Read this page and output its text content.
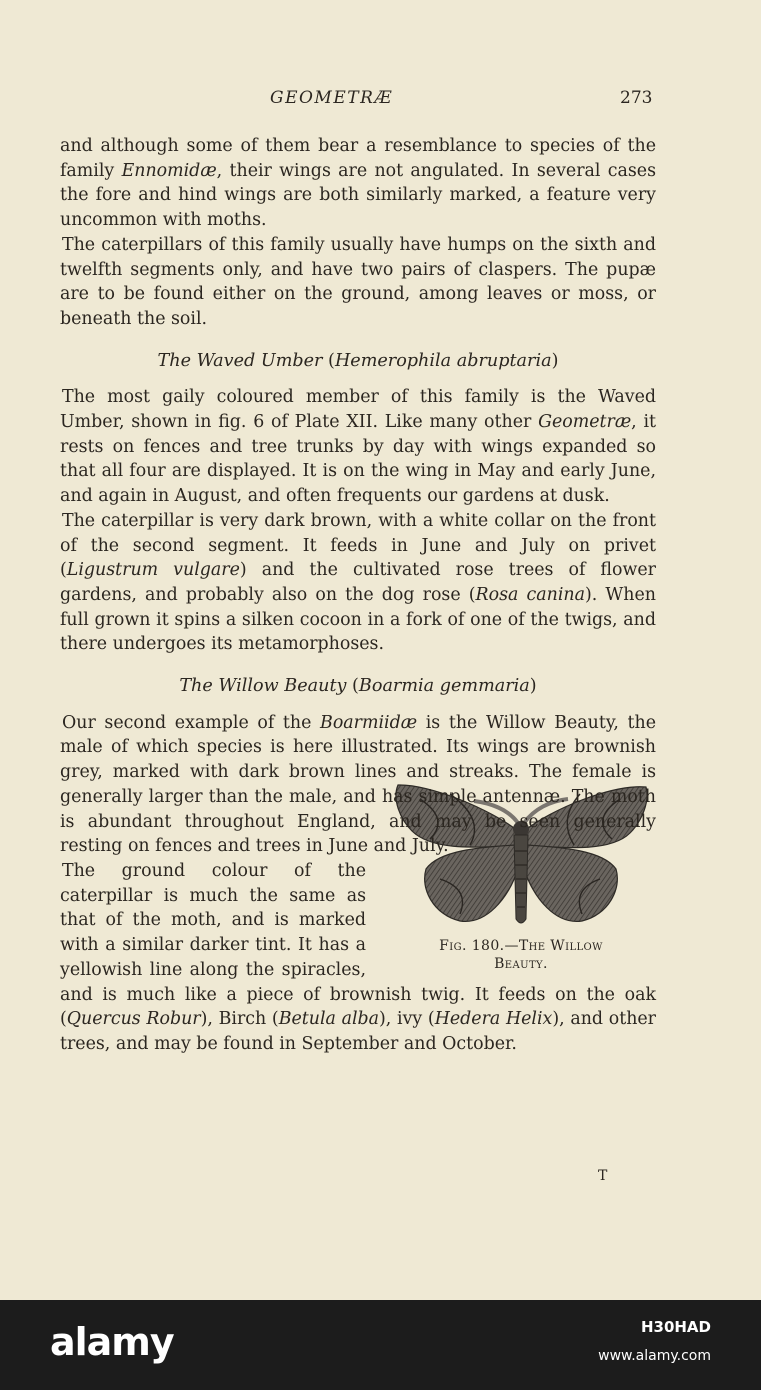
GEOMETRÆ	273

and although some of them bear a resemblance to species of the family Ennomidæ, their wings are not angulated. In several cases the fore and hind wings are both similarly marked, a feature very uncommon with moths.

The caterpillars of this family usually have humps on the sixth and twelfth segments only, and have two pairs of claspers. The pupæ are to be found either on the ground, among leaves or moss, or beneath the soil.

The Waved Umber (Hemerophila abruptaria)

The most gaily coloured member of this family is the Waved Umber, shown in fig. 6 of Plate XII. Like many other Geometræ, it rests on fences and tree trunks by day with wings expanded so that all four are displayed. It is on the wing in May and early June, and again in August, and often frequents our gardens at dusk.

The caterpillar is very dark brown, with a white collar on the front of the second segment. It feeds in June and July on privet (Ligustrum vulgare) and the cultivated rose trees of flower gardens, and probably also on the dog rose (Rosa canina). When full grown it spins a silken cocoon in a fork of one of the twigs, and there undergoes its metamorphoses.

The Willow Beauty (Boarmia gemmaria)

Our second example of the Boarmiidæ is the Willow Beauty, the male of which species is here illustrated. Its wings are brownish grey, marked with dark brown lines and streaks. The female is generally larger than the male, and has simple antennæ. The moth is abundant throughout England, and may be seen generally resting on fences and trees in June and July.

Fig. 180.—The Willow
Beauty.

The ground colour of the caterpillar is much the same as that of the moth, and is marked with a similar darker tint. It has a yellowish line along the spiracles, and is much like a piece of brownish twig. It feeds on the oak (Quercus Robur), Birch (Betula alba), ivy (Hedera Helix), and other trees, and may be found in September and October.

T
alamy	H30HAD
www.alamy.com
